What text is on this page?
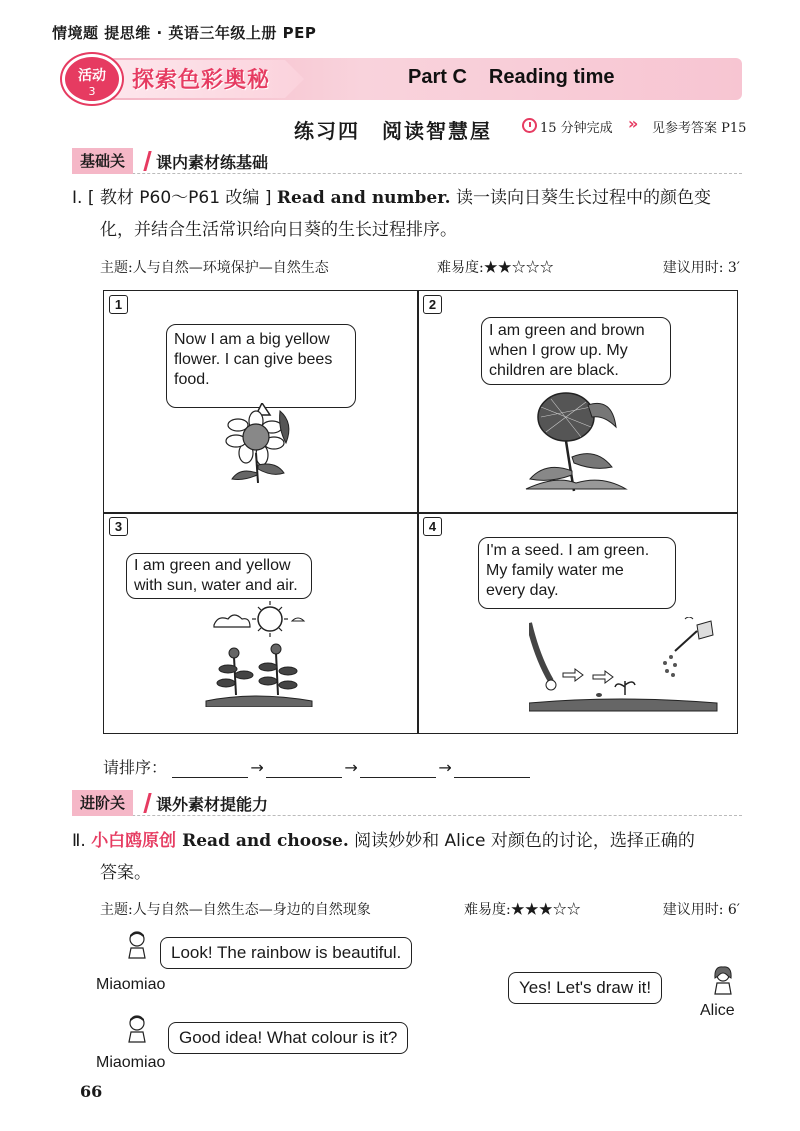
情境题 提思维 · 英语三年级上册 PEP
活动
3	探索色彩奥秘	Part C Reading time
练习四　阅读智慧屋	15 分钟完成 » 见参考答案 P15
基础关	课内素材练基础
Ⅰ. [ 教材 P60～P61 改编 ] Read and number. 读一读向日葵生长过程中的颜色变
化，并结合生活常识给向日葵的生长过程排序。
主题:人与自然—环境保护—自然生态	难易度:★★☆☆☆	建议用时: 3′
1
Now I am a big yellow
flower. I can give bees
food.
2
I am green and brown
when I grow up. My
children are black.
3
I am green and yellow
with sun, water and air.
4
I'm a seed. I am green.
My family water me
every day.
请排序：	→	→	→
进阶关	课外素材提能力
Ⅱ. 小白鸥原创 Read and choose. 阅读妙妙和 Alice 对颜色的讨论，选择正确的
答案。
主题:人与自然—自然生态—身边的自然现象	难易度:★★★☆☆	建议用时: 6′
Look! The rainbow is beautiful.
Miaomiao	Yes! Let's draw it!
Alice
Good idea! What colour is it?
Miaomiao
66
